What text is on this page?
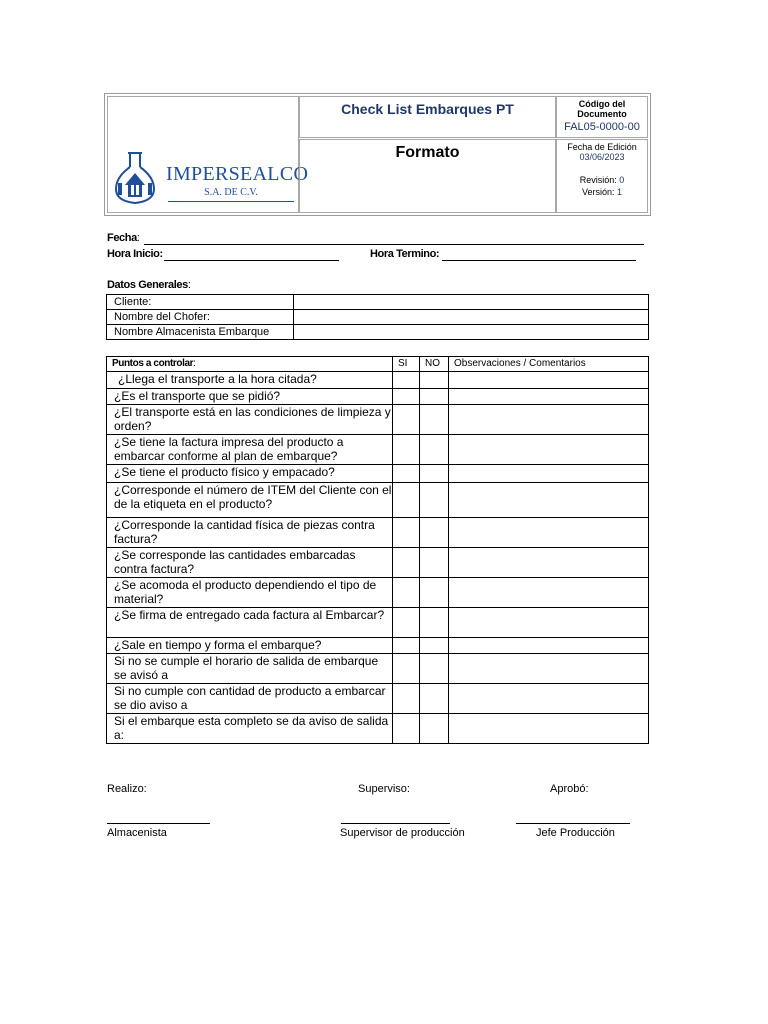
IMPERSEALCO
S.A. DE C.V.
Check List Embarques PT
Formato
Código del
Documento
FAL05-0000-00
Fecha de Edición
03/06/2023
Revisión: 0
Versión: 1
Fecha:
Hora Inicio:	Hora Termino:
Datos Generales:
Cliente:	
Nombre del Chofer:	
Nombre Almacenista Embarque	
Puntos a controlar:	SI	NO	Observaciones / Comentarios
¿Llega el transporte a la hora citada?			
¿Es el transporte que se pidió?			
¿El transporte está en las condiciones de limpieza y orden?			
¿Se tiene la factura impresa del producto a embarcar conforme al plan de embarque?			
¿Se tiene el producto físico y empacado?			
¿Corresponde el número de ITEM del Cliente con el de la etiqueta en el producto?			
¿Corresponde la cantidad física de piezas contra factura?			
¿Se corresponde las cantidades embarcadas contra factura?			
¿Se acomoda el producto dependiendo el tipo de material?			
¿Se firma de entregado cada factura al Embarcar?			
¿Sale en tiempo y forma el embarque?			
Si no se cumple el horario de salida de embarque se avisó a			
Si no cumple con cantidad de producto a embarcar se dio aviso a			
Si el embarque esta completo se da aviso de salida a:			
Realizo:	Superviso:	Aprobó:
Almacenista	Supervisor de producción	Jefe Producción
